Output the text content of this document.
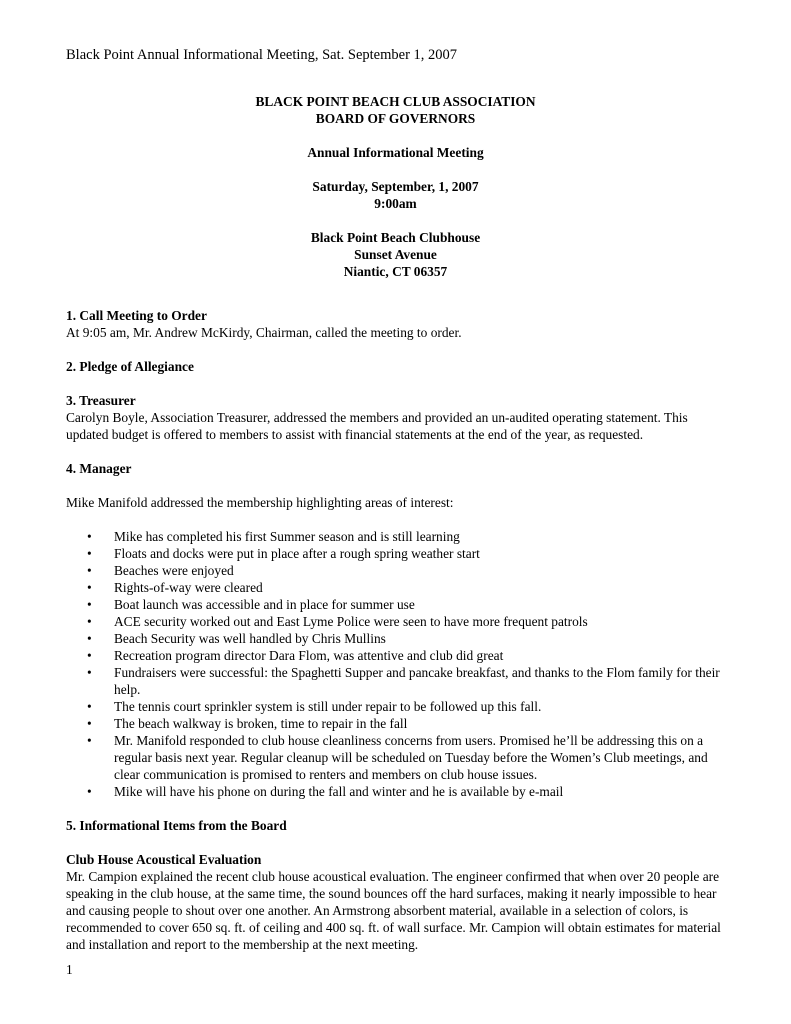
Black Point Annual Informational Meeting, Sat. September 1, 2007
BLACK POINT BEACH CLUB ASSOCIATION
BOARD OF GOVERNORS
Annual Informational Meeting
Saturday, September, 1, 2007
9:00am
Black Point Beach Clubhouse
Sunset Avenue
Niantic, CT 06357

1. Call Meeting to Order

At 9:05 am, Mr. Andrew McKirdy, Chairman, called the meeting to order.

2. Pledge of Allegiance

3. Treasurer

Carolyn Boyle, Association Treasurer, addressed the members and provided an un-audited operating statement. This updated budget is offered to members to assist with financial statements at the end of the year, as requested.

4. Manager

Mike Manifold addressed the membership highlighting areas of interest:

• Mike has completed his first Summer season and is still learning
• Floats and docks were put in place after a rough spring weather start
• Beaches were enjoyed
• Rights-of-way were cleared
• Boat launch was accessible and in place for summer use
• ACE security worked out and East Lyme Police were seen to have more frequent patrols
• Beach Security was well handled by Chris Mullins
• Recreation program director Dara Flom, was attentive and club did great
• Fundraisers were successful: the Spaghetti Supper and pancake breakfast, and thanks to the Flom family for their help.
• The tennis court sprinkler system is still under repair to be followed up this fall.
• The beach walkway is broken, time to repair in the fall
• Mr. Manifold responded to club house cleanliness concerns from users. Promised he’ll be addressing this on a regular basis next year. Regular cleanup will be scheduled on Tuesday before the Women’s Club meetings, and clear communication is promised to renters and members on club house issues.
• Mike will have his phone on during the fall and winter and he is available by e-mail

5. Informational Items from the Board

Club House Acoustical Evaluation

Mr. Campion explained the recent club house acoustical evaluation. The engineer confirmed that when over 20 people are speaking in the club house, at the same time, the sound bounces off the hard surfaces, making it nearly impossible to hear and causing people to shout over one another. An Armstrong absorbent material, available in a selection of colors, is recommended to cover 650 sq. ft. of ceiling and 400 sq. ft. of wall surface. Mr. Campion will obtain estimates for material and installation and report to the membership at the next meeting.

1
